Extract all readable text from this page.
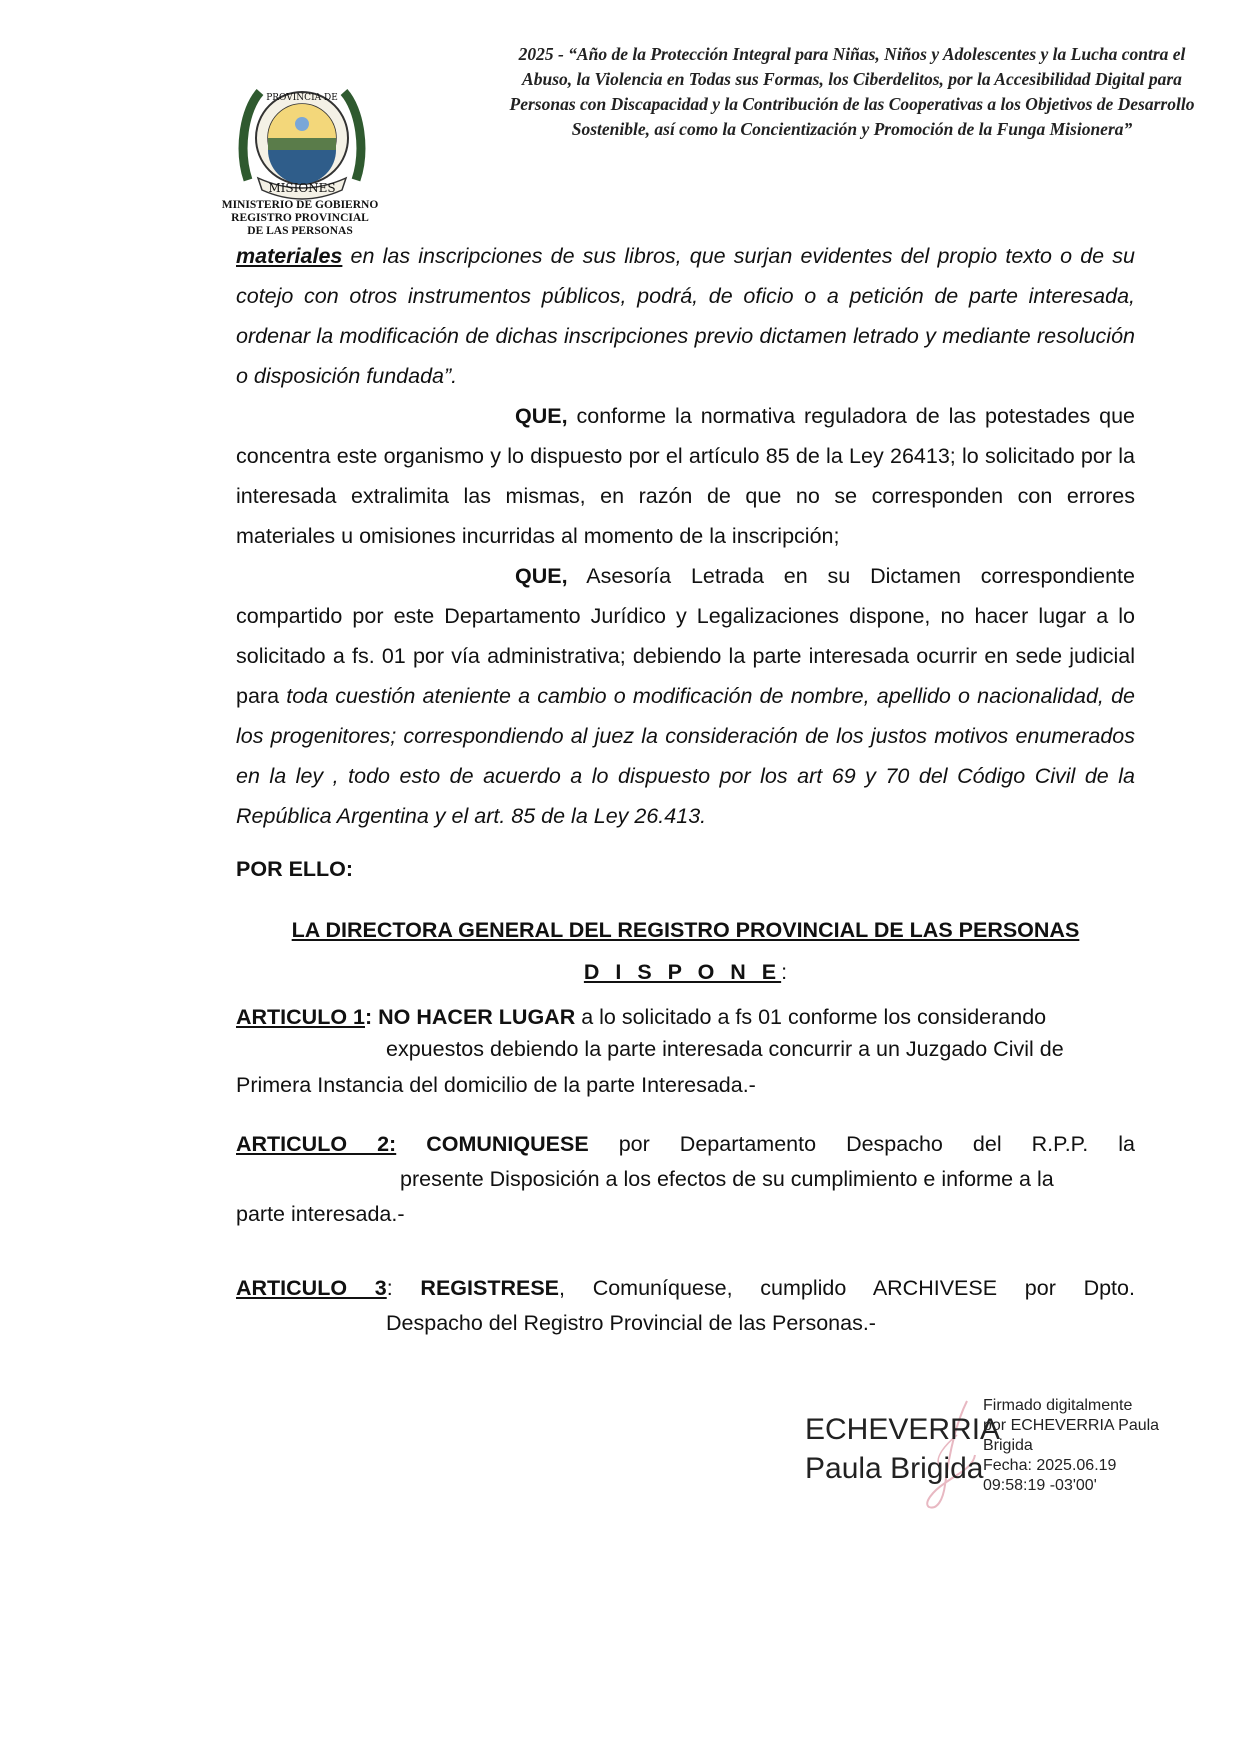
2025 - “Año de la Protección Integral para Niñas, Niños y Adolescentes y la Lucha contra el Abuso, la Violencia en Todas sus Formas, los Ciberdelitos, por la Accesibilidad Digital para Personas con Discapacidad y la Contribución de las Cooperativas a los Objetivos de Desarrollo Sostenible, así como la Concientización y Promoción de la Funga Misionera”
MISIONES
PROVINCIA DE
MINISTERIO DE GOBIERNO
REGISTRO PROVINCIAL
DE LAS PERSONAS

materiales en las inscripciones de sus libros, que surjan evidentes del propio texto o de su cotejo con otros instrumentos públicos, podrá, de oficio o a petición de parte interesada, ordenar la modificación de dichas inscripciones previo dictamen letrado y mediante resolución o disposición fundada”.

QUE, conforme la normativa reguladora de las potestades que concentra este organismo y lo dispuesto por el artículo 85 de la Ley 26413; lo solicitado por la interesada extralimita las mismas, en razón de que no se corresponden con errores materiales u omisiones incurridas al momento de la inscripción;

QUE, Asesoría Letrada en su Dictamen correspondiente compartido por este Departamento Jurídico y Legalizaciones dispone, no hacer lugar a lo solicitado a fs. 01 por vía administrativa; debiendo la parte interesada ocurrir en sede judicial para toda cuestión ateniente a cambio o modificación de nombre, apellido o nacionalidad, de los progenitores; correspondiendo al juez la consideración de los justos motivos enumerados en la ley , todo esto de acuerdo a lo dispuesto por los art 69 y 70 del Código Civil de la República Argentina y el art. 85 de la Ley 26.413.

POR ELLO:
LA DIRECTORA GENERAL DEL REGISTRO PROVINCIAL DE LAS PERSONAS
D I S P O N E:
ARTICULO 1: NO HACER LUGAR a lo solicitado a fs 01 conforme los considerando
expuestos debiendo la parte interesada concurrir a un Juzgado Civil de
Primera Instancia del domicilio de la parte Interesada.-
ARTICULO 2: COMUNIQUESE por Departamento Despacho del R.P.P. la
presente Disposición a los efectos de su cumplimiento e informe a la
parte interesada.-
ARTICULO 3: REGISTRESE, Comuníquese, cumplido ARCHIVESE por Dpto.
Despacho del Registro Provincial de las Personas.-
ECHEVERRIA
Paula Brigida
Firmado digitalmente
por ECHEVERRIA Paula
Brigida
Fecha: 2025.06.19
09:58:19 -03'00'
